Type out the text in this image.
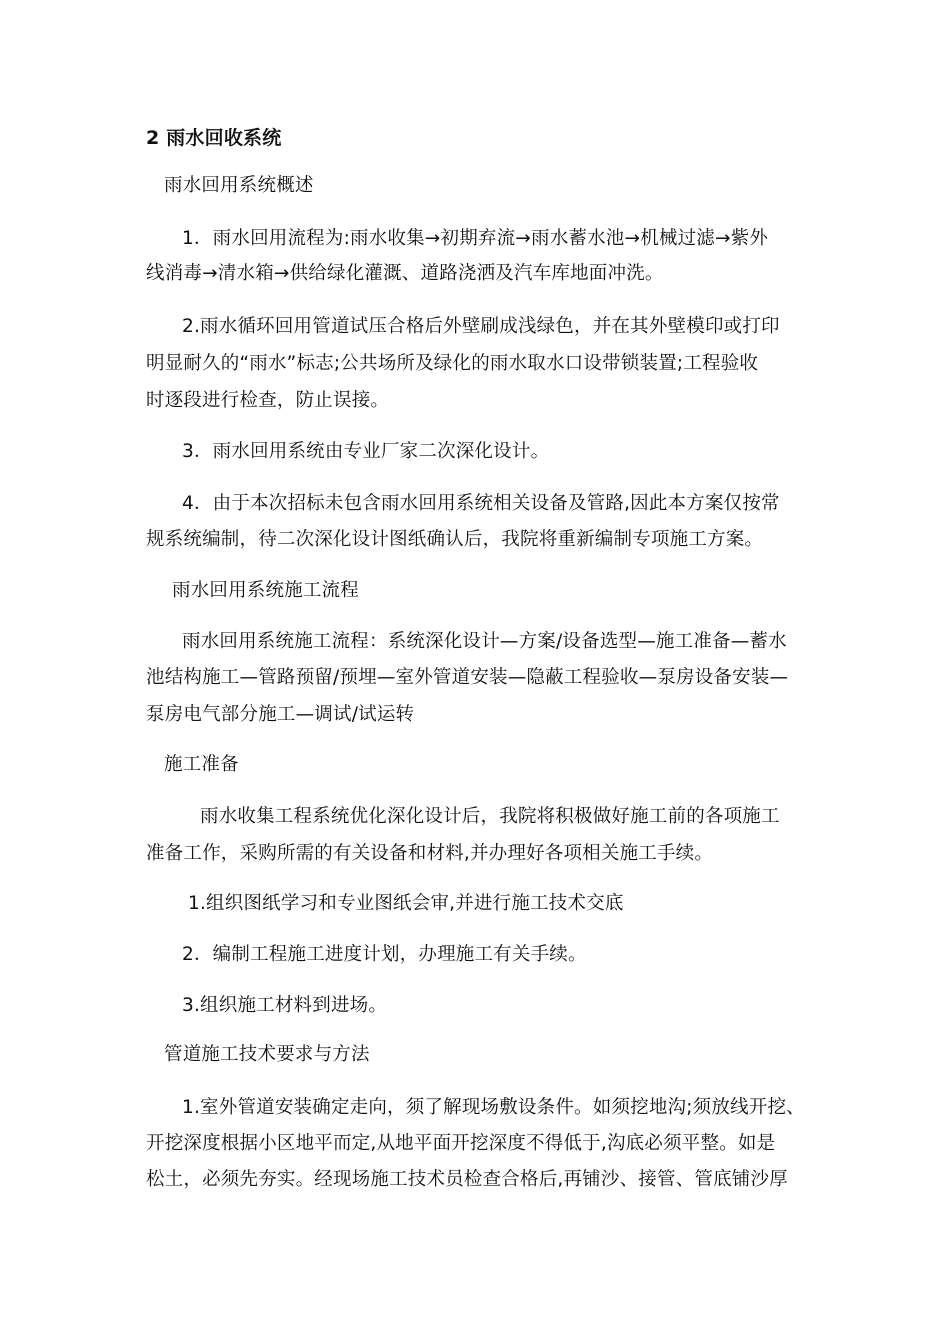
2 雨水回收系统
雨水回用系统概述
1．雨水回用流程为:雨水收集→初期弃流→雨水蓄水池→机械过滤→紫外
线消毒→清水箱→供给绿化灌溉、道路浇洒及汽车库地面冲洗。
2.雨水循环回用管道试压合格后外壁刷成浅绿色，并在其外壁模印或打印
明显耐久的“雨水”标志;公共场所及绿化的雨水取水口设带锁装置;工程验收
时逐段进行检查，防止误接。
3．雨水回用系统由专业厂家二次深化设计。
4．由于本次招标未包含雨水回用系统相关设备及管路,因此本方案仅按常
规系统编制，待二次深化设计图纸确认后，我院将重新编制专项施工方案。
雨水回用系统施工流程
雨水回用系统施工流程：系统深化设计—方案/设备选型—施工准备—蓄水
池结构施工—管路预留/预埋—室外管道安装—隐蔽工程验收—泵房设备安装—
泵房电气部分施工—调试/试运转
施工准备
雨水收集工程系统优化深化设计后，我院将积极做好施工前的各项施工
准备工作，采购所需的有关设备和材料,并办理好各项相关施工手续。
1.组织图纸学习和专业图纸会审,并进行施工技术交底
2．编制工程施工进度计划，办理施工有关手续。
3.组织施工材料到进场。
管道施工技术要求与方法
1.室外管道安装确定走向，须了解现场敷设条件。如须挖地沟;须放线开挖、
开挖深度根据小区地平而定,从地平面开挖深度不得低于,沟底必须平整。如是
松土，必须先夯实。经现场施工技术员检查合格后,再铺沙、接管、管底铺沙厚
